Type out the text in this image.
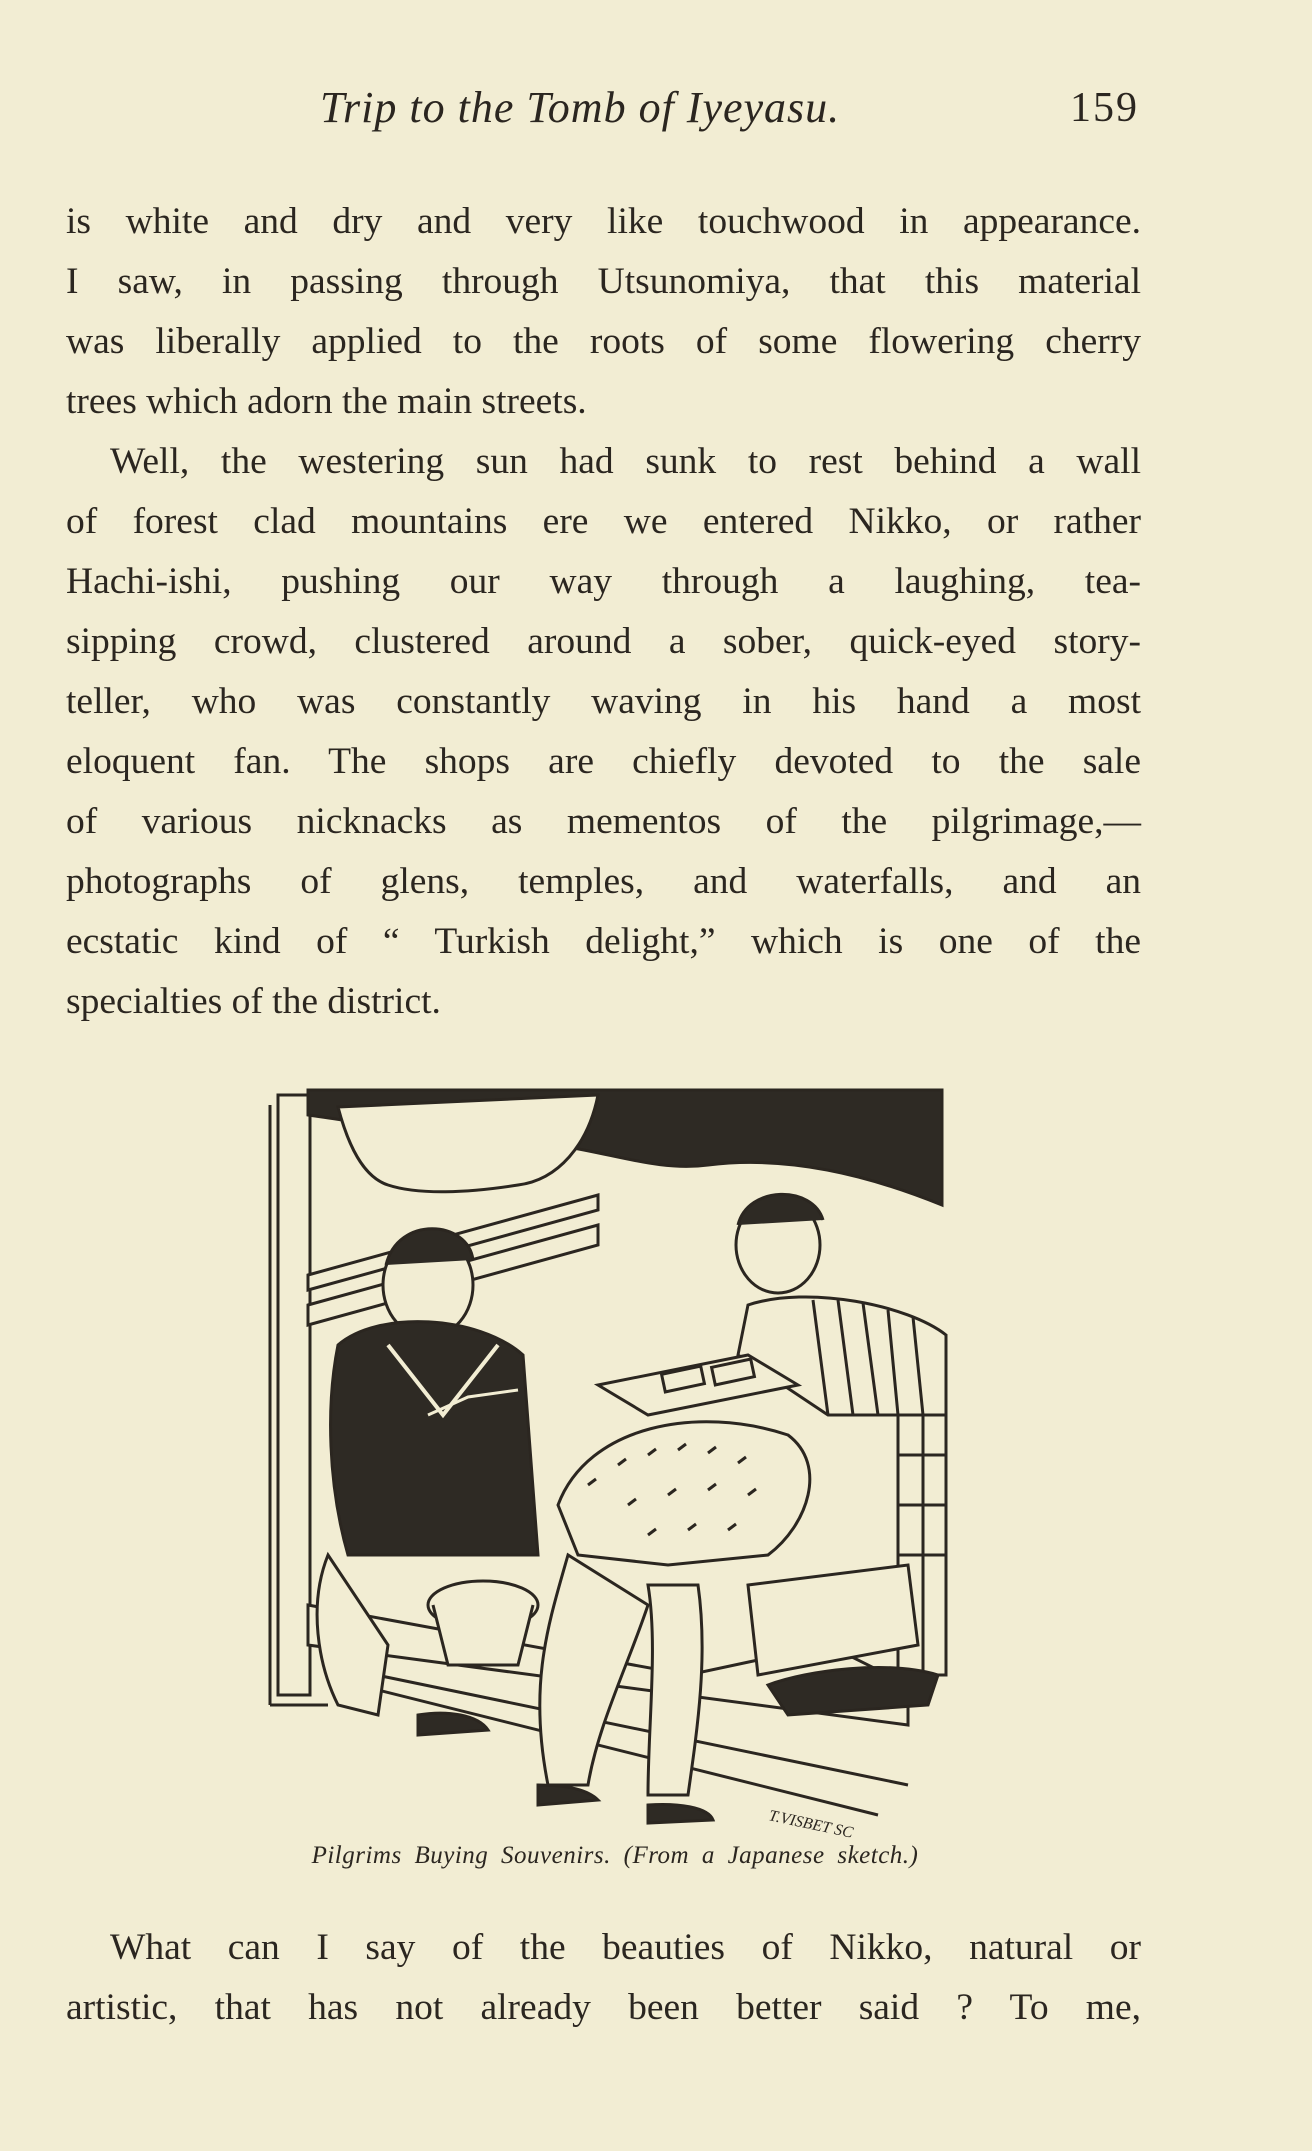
Trip to the Tomb of Iyeyasu.	159
is white and dry and very like touchwood in appearance.
I saw, in passing through Utsunomiya, that this material
was liberally applied to the roots of some flowering cherry
trees which adorn the main streets.
Well, the westering sun had sunk to rest behind a wall
of forest clad mountains ere we entered Nikko, or rather
Hachi-ishi, pushing our way through a laughing, tea-
sipping crowd, clustered around a sober, quick-eyed story-
teller, who was constantly waving in his hand a most
eloquent fan. The shops are chiefly devoted to the sale
of various nicknacks as mementos of the pilgrimage,—
photographs of glens, temples, and waterfalls, and an
ecstatic kind of “ Turkish delight,” which is one of the
specialties of the district.
T.VISBET SC
Pilgrims Buying Souvenirs. (From a Japanese sketch.)
What can I say of the beauties of Nikko, natural or
artistic, that has not already been better said ? To me,
